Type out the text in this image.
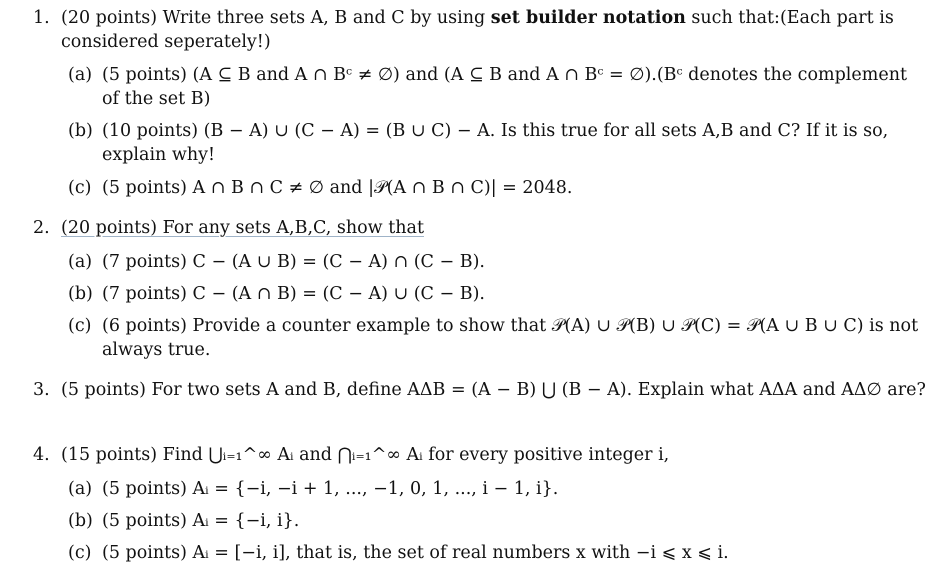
1. (20 points) Write three sets A, B and C by using set builder notation such that:(Each part is considered seperately!)
(a) (5 points) (A ⊆ B and A ∩ Bᶜ ≠ ∅) and (A ⊆ B and A ∩ Bᶜ = ∅).(Bᶜ denotes the complement of the set B)
(b) (10 points) (B − A) ∪ (C − A) = (B ∪ C) − A. Is this true for all sets A,B and C? If it is so, explain why!
(c) (5 points) A ∩ B ∩ C ≠ ∅ and |𝒫(A ∩ B ∩ C)| = 2048.
2. (20 points) For any sets A,B,C, show that
(a) (7 points) C − (A ∪ B) = (C − A) ∩ (C − B).
(b) (7 points) C − (A ∩ B) = (C − A) ∪ (C − B).
(c) (6 points) Provide a counter example to show that 𝒫(A) ∪ 𝒫(B) ∪ 𝒫(C) = 𝒫(A ∪ B ∪ C) is not always true.
3. (5 points) For two sets A and B, define AΔB = (A − B) ⋃ (B − A). Explain what AΔA and AΔ∅ are?
4. (15 points) Find ⋃ᵢ₌₁^∞ Aᵢ and ⋂ᵢ₌₁^∞ Aᵢ for every positive integer i,
(a) (5 points) Aᵢ = {−i, −i + 1, ..., −1, 0, 1, ..., i − 1, i}.
(b) (5 points) Aᵢ = {−i, i}.
(c) (5 points) Aᵢ = [−i, i], that is, the set of real numbers x with −i ⩽ x ⩽ i.
